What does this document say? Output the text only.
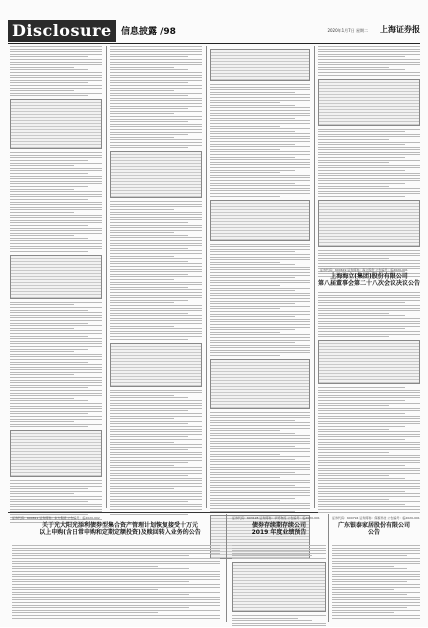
Disclosure	信息披露 /98	2020年1月7日 星期二 上海证券报
证券代码：600619 证券简称：海立股份 公告编号：临2020-001
上海海立(集团)股份有限公司
第八届董事会第二十八次会议决议公告
证券代码：600811 证券简称：东方集团 公告编号：临2020-002
关于光大阳光添利债券型集合资产管理计划恢复接受十万元
以上申购(含日常申购和定期定额投资)及赎回转入业务的公告
证券代码：603128 证券简称：华贸物流 公告编号：临2020-001
债券存续期存续公司
2019 年度业绩预告
证券代码：600794 证券简称：保税科技 公告编号：临2020-001
广东银泰家居股份有限公司
公告
